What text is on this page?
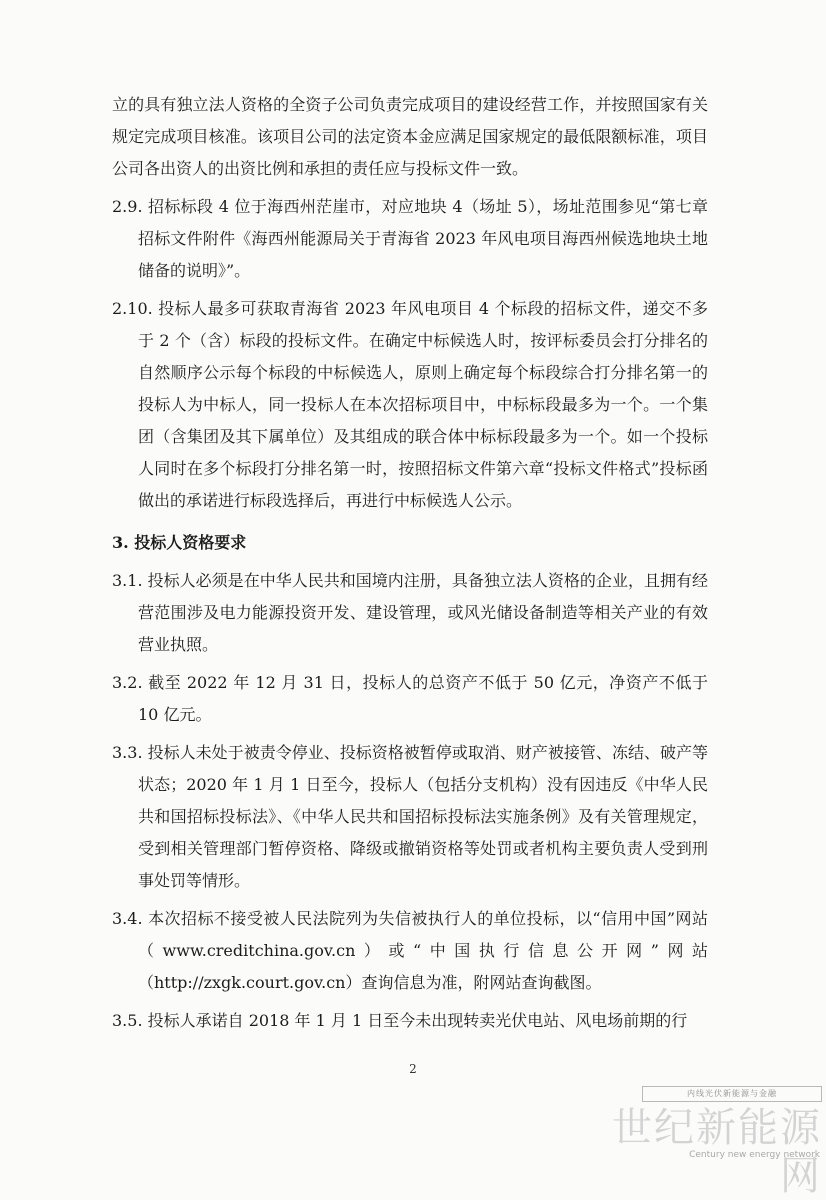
立的具有独立法人资格的全资子公司负责完成项目的建设经营工作，并按照国家有关规定完成项目核准。该项目公司的法定资本金应满足国家规定的最低限额标准，项目公司各出资人的出资比例和承担的责任应与投标文件一致。

2.9. 招标标段 4 位于海西州茫崖市，对应地块 4（场址 5），场址范围参见“第七章招标文件附件《海西州能源局关于青海省 2023 年风电项目海西州候选地块土地储备的说明》”。

2.10. 投标人最多可获取青海省 2023 年风电项目 4 个标段的招标文件，递交不多于 2 个（含）标段的投标文件。在确定中标候选人时，按评标委员会打分排名的自然顺序公示每个标段的中标候选人，原则上确定每个标段综合打分排名第一的投标人为中标人，同一投标人在本次招标项目中，中标标段最多为一个。一个集团（含集团及其下属单位）及其组成的联合体中标标段最多为一个。如一个投标人同时在多个标段打分排名第一时，按照招标文件第六章“投标文件格式”投标函做出的承诺进行标段选择后，再进行中标候选人公示。

3. 投标人资格要求

3.1. 投标人必须是在中华人民共和国境内注册，具备独立法人资格的企业，且拥有经营范围涉及电力能源投资开发、建设管理，或风光储设备制造等相关产业的有效营业执照。

3.2. 截至 2022 年 12 月 31 日，投标人的总资产不低于 50 亿元，净资产不低于 10 亿元。

3.3. 投标人未处于被责令停业、投标资格被暂停或取消、财产被接管、冻结、破产等状态；2020 年 1 月 1 日至今，投标人（包括分支机构）没有因违反《中华人民共和国招标投标法》、《中华人民共和国招标投标法实施条例》及有关管理规定，受到相关管理部门暂停资格、降级或撤销资格等处罚或者机构主要负责人受到刑事处罚等情形。

3.4. 本次招标不接受被人民法院列为失信被执行人的单位投标，以“信用中国”网站（www.creditchina.gov.cn）或“中国执行信息公开网”网站（http://zxgk.court.gov.cn）查询信息为准，附网站查询截图。

3.5. 投标人承诺自 2018 年 1 月 1 日至今未出现转卖光伏电站、风电场前期的行

2
内线光伏新能源与金融
世纪新能源网
Century new energy network
